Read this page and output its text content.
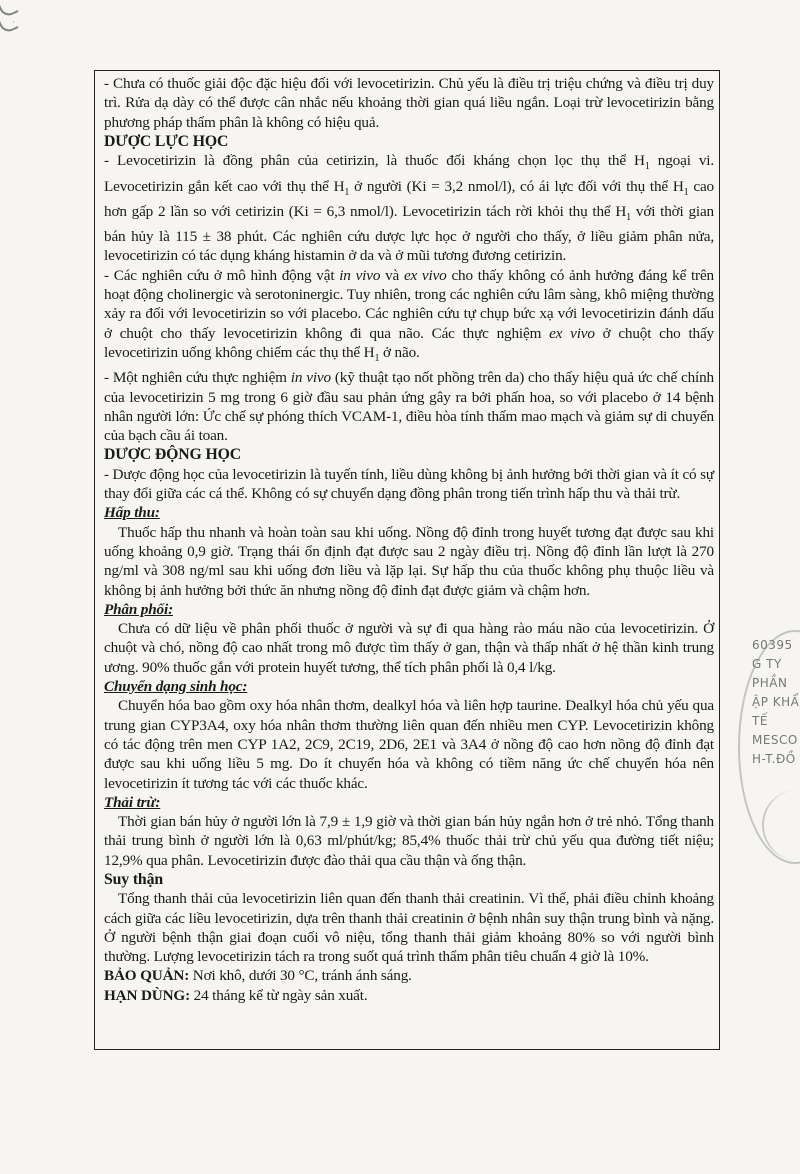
·

- Chưa có thuốc giải độc đặc hiệu đối với levocetirizin. Chủ yếu là điều trị triệu chứng và điều trị duy trì. Rửa dạ dày có thể được cân nhắc nếu khoảng thời gian quá liều ngắn. Loại trừ levocetirizin bằng phương pháp thẩm phân là không có hiệu quả.

DƯỢC LỰC HỌC

- Levocetirizin là đồng phân của cetirizin, là thuốc đối kháng chọn lọc thụ thể $H_1$ ngoại vi. Levocetirizin gắn kết cao với thụ thể $H_1$ ở người (Ki = 3,2 nmol/l), có ái lực đối với thụ thể $H_1$ cao hơn gấp 2 lần so với cetirizin (Ki = 6,3 nmol/l). Levocetirizin tách rời khỏi thụ thể $H_1$ với thời gian bán hủy là 115 ± 38 phút. Các nghiên cứu dược lực học ở người cho thấy, ở liều giảm phân nửa, levocetirizin có tác dụng kháng histamin ở da và ở mũi tương đương cetirizin.

- Các nghiên cứu ở mô hình động vật in vivo và ex vivo cho thấy không có ảnh hưởng đáng kể trên hoạt động cholinergic và serotoninergic. Tuy nhiên, trong các nghiên cứu lâm sàng, khô miệng thường xảy ra đối với levocetirizin so với placebo. Các nghiên cứu tự chụp bức xạ với levocetirizin đánh dấu ở chuột cho thấy levocetirizin không đi qua não. Các thực nghiệm ex vivo ở chuột cho thấy levocetirizin uống không chiếm các thụ thể $H_1$ ở não.

- Một nghiên cứu thực nghiệm in vivo (kỹ thuật tạo nốt phồng trên da) cho thấy hiệu quả ức chế chính của levocetirizin 5 mg trong 6 giờ đầu sau phản ứng gây ra bởi phấn hoa, so với placebo ở 14 bệnh nhân người lớn: Ức chế sự phóng thích VCAM-1, điều hòa tính thấm mao mạch và giảm sự di chuyển của bạch cầu ái toan.

DƯỢC ĐỘNG HỌC

- Dược động học của levocetirizin là tuyến tính, liều dùng không bị ảnh hưởng bởi thời gian và ít có sự thay đổi giữa các cá thể. Không có sự chuyển dạng đồng phân trong tiến trình hấp thu và thải trừ.

Hấp thu:

Thuốc hấp thu nhanh và hoàn toàn sau khi uống. Nồng độ đỉnh trong huyết tương đạt được sau khi uống khoảng 0,9 giờ. Trạng thái ổn định đạt được sau 2 ngày điều trị. Nồng độ đỉnh lần lượt là 270 ng/ml và 308 ng/ml sau khi uống đơn liều và lặp lại. Sự hấp thu của thuốc không phụ thuộc liều và không bị ảnh hưởng bởi thức ăn nhưng nồng độ đỉnh đạt được giảm và chậm hơn.

Phân phối:

Chưa có dữ liệu về phân phối thuốc ở người và sự đi qua hàng rào máu não của levocetirizin. Ở chuột và chó, nồng độ cao nhất trong mô được tìm thấy ở gan, thận và thấp nhất ở hệ thần kinh trung ương. 90% thuốc gắn với protein huyết tương, thể tích phân phối là 0,4 l/kg.

Chuyển dạng sinh học:

Chuyển hóa bao gồm oxy hóa nhân thơm, dealkyl hóa và liên hợp taurine. Dealkyl hóa chủ yếu qua trung gian CYP3A4, oxy hóa nhân thơm thường liên quan đến nhiều men CYP. Levocetirizin không có tác động trên men CYP 1A2, 2C9, 2C19, 2D6, 2E1 và 3A4 ở nồng độ cao hơn nồng độ đỉnh đạt được sau khi uống liều 5 mg. Do ít chuyển hóa và không có tiềm năng ức chế chuyển hóa nên levocetirizin ít tương tác với các thuốc khác.

Thải trừ:

Thời gian bán hủy ở người lớn là 7,9 ± 1,9 giờ và thời gian bán hủy ngắn hơn ở trẻ nhỏ. Tổng thanh thải trung bình ở người lớn là 0,63 ml/phút/kg; 85,4% thuốc thải trừ chủ yếu qua đường tiết niệu; 12,9% qua phân. Levocetirizin được đào thải qua cầu thận và ống thận.

Suy thận

Tổng thanh thải của levocetirizin liên quan đến thanh thải creatinin. Vì thế, phải điều chỉnh khoảng cách giữa các liều levocetirizin, dựa trên thanh thải creatinin ở bệnh nhân suy thận trung bình và nặng. Ở người bệnh thận giai đoạn cuối vô niệu, tổng thanh thải giảm khoảng 80% so với người bình thường. Lượng levocetirizin tách ra trong suốt quá trình thẩm phân tiêu chuẩn 4 giờ là 10%.

BẢO QUẢN: Nơi khô, dưới 30 °C, tránh ánh sáng.

HẠN DÙNG: 24 tháng kể từ ngày sản xuất.

60395
G TY
PHẦN
ẬP KHẨ
TẾ
MESCO
H-T.ĐỒ
